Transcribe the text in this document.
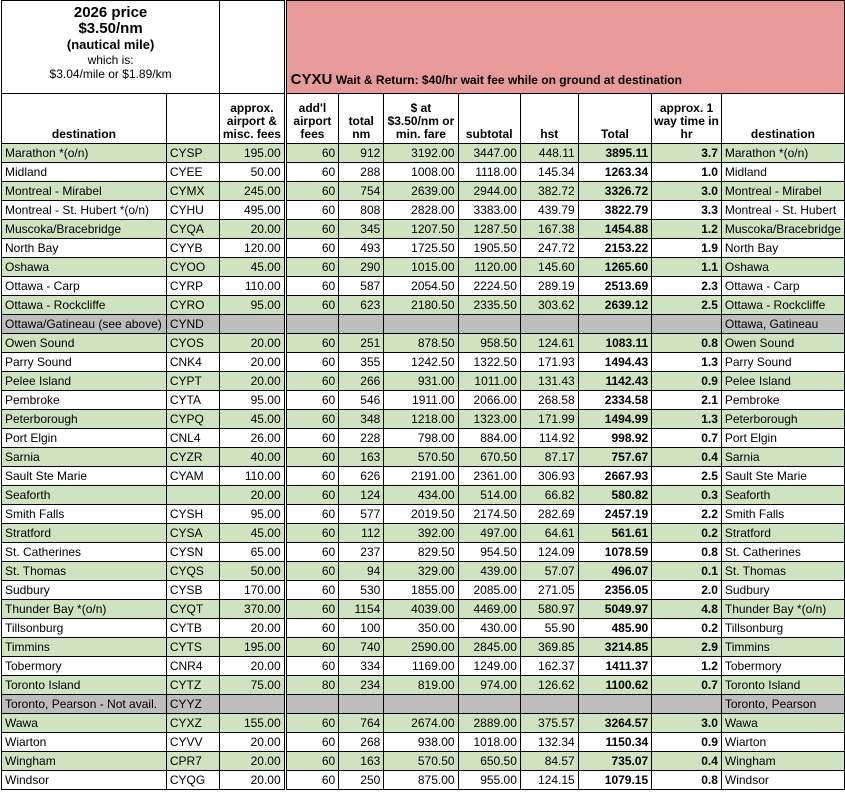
2026 price
$3.50/nm
(nautical mile)
which is:
$3.04/mile or $1.89/km			CYXU Wait & Return: $40/hr wait fee while on ground at destination							
destination		approx. airport & misc. fees	add'l airport fees	total nm	$ at $3.50/nm or min. fare	subtotal	hst	Total	approx. 1 way time in hr	destination
Marathon *(o/n)	CYSP	195.00	60	912	3192.00	3447.00	448.11	3895.11	3.7	Marathon *(o/n)
Midland	CYEE	50.00	60	288	1008.00	1118.00	145.34	1263.34	1.0	Midland
Montreal - Mirabel	CYMX	245.00	60	754	2639.00	2944.00	382.72	3326.72	3.0	Montreal - Mirabel
Montreal - St. Hubert *(o/n)	CYHU	495.00	60	808	2828.00	3383.00	439.79	3822.79	3.3	Montreal - St. Hubert
Muscoka/Bracebridge	CYQA	20.00	60	345	1207.50	1287.50	167.38	1454.88	1.2	Muscoka/Bracebridge
North Bay	CYYB	120.00	60	493	1725.50	1905.50	247.72	2153.22	1.9	North Bay
Oshawa	CYOO	45.00	60	290	1015.00	1120.00	145.60	1265.60	1.1	Oshawa
Ottawa - Carp	CYRP	110.00	60	587	2054.50	2224.50	289.19	2513.69	2.3	Ottawa - Carp
Ottawa - Rockcliffe	CYRO	95.00	60	623	2180.50	2335.50	303.62	2639.12	2.5	Ottawa - Rockcliffe
Ottawa/Gatineau (see above)	CYND									Ottawa, Gatineau
Owen Sound	CYOS	20.00	60	251	878.50	958.50	124.61	1083.11	0.8	Owen Sound
Parry Sound	CNK4	20.00	60	355	1242.50	1322.50	171.93	1494.43	1.3	Parry Sound
Pelee Island	CYPT	20.00	60	266	931.00	1011.00	131.43	1142.43	0.9	Pelee Island
Pembroke	CYTA	95.00	60	546	1911.00	2066.00	268.58	2334.58	2.1	Pembroke
Peterborough	CYPQ	45.00	60	348	1218.00	1323.00	171.99	1494.99	1.3	Peterborough
Port Elgin	CNL4	26.00	60	228	798.00	884.00	114.92	998.92	0.7	Port Elgin
Sarnia	CYZR	40.00	60	163	570.50	670.50	87.17	757.67	0.4	Sarnia
Sault Ste Marie	CYAM	110.00	60	626	2191.00	2361.00	306.93	2667.93	2.5	Sault Ste Marie
Seaforth		20.00	60	124	434.00	514.00	66.82	580.82	0.3	Seaforth
Smith Falls	CYSH	95.00	60	577	2019.50	2174.50	282.69	2457.19	2.2	Smith Falls
Stratford	CYSA	45.00	60	112	392.00	497.00	64.61	561.61	0.2	Stratford
St. Catherines	CYSN	65.00	60	237	829.50	954.50	124.09	1078.59	0.8	St. Catherines
St. Thomas	CYQS	50.00	60	94	329.00	439.00	57.07	496.07	0.1	St. Thomas
Sudbury	CYSB	170.00	60	530	1855.00	2085.00	271.05	2356.05	2.0	Sudbury
Thunder Bay *(o/n)	CYQT	370.00	60	1154	4039.00	4469.00	580.97	5049.97	4.8	Thunder Bay *(o/n)
Tillsonburg	CYTB	20.00	60	100	350.00	430.00	55.90	485.90	0.2	Tillsonburg
Timmins	CYTS	195.00	60	740	2590.00	2845.00	369.85	3214.85	2.9	Timmins
Tobermory	CNR4	20.00	60	334	1169.00	1249.00	162.37	1411.37	1.2	Tobermory
Toronto Island	CYTZ	75.00	80	234	819.00	974.00	126.62	1100.62	0.7	Toronto Island
Toronto, Pearson - Not avail.	CYYZ									Toronto, Pearson
Wawa	CYXZ	155.00	60	764	2674.00	2889.00	375.57	3264.57	3.0	Wawa
Wiarton	CYVV	20.00	60	268	938.00	1018.00	132.34	1150.34	0.9	Wiarton
Wingham	CPR7	20.00	60	163	570.50	650.50	84.57	735.07	0.4	Wingham
Windsor	CYQG	20.00	60	250	875.00	955.00	124.15	1079.15	0.8	Windsor
